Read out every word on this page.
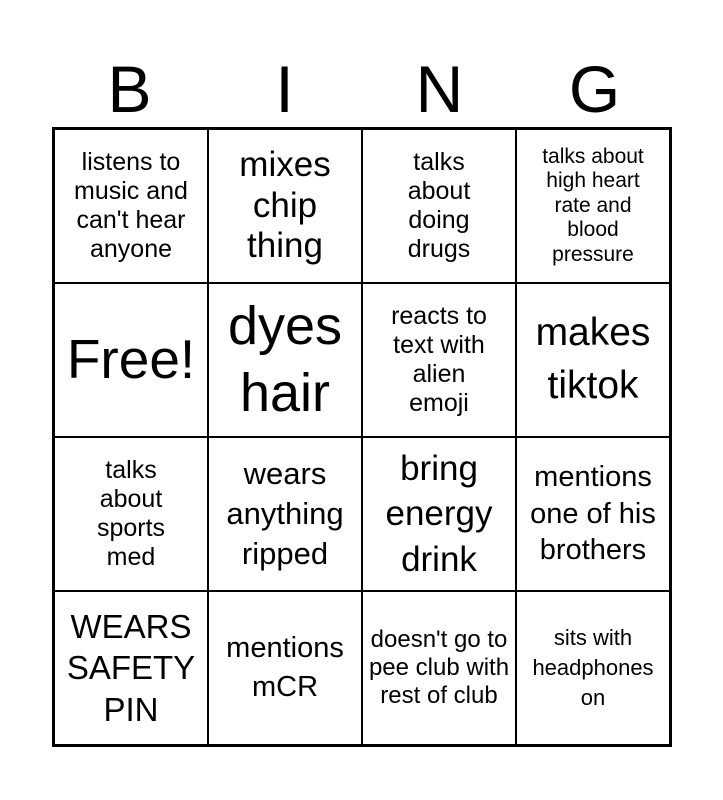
B	I	N	G
listens to music and can't hear anyone
mixes chip thing
talks about doing drugs
talks about high heart rate and blood pressure
Free!
dyes hair
reacts to text with alien emoji
makes tiktok
talks about sports med
wears anything ripped
bring energy drink
mentions one of his brothers
WEARS SAFETY PIN
mentions mCR
doesn't go to pee club with rest of club
sits with headphones on
